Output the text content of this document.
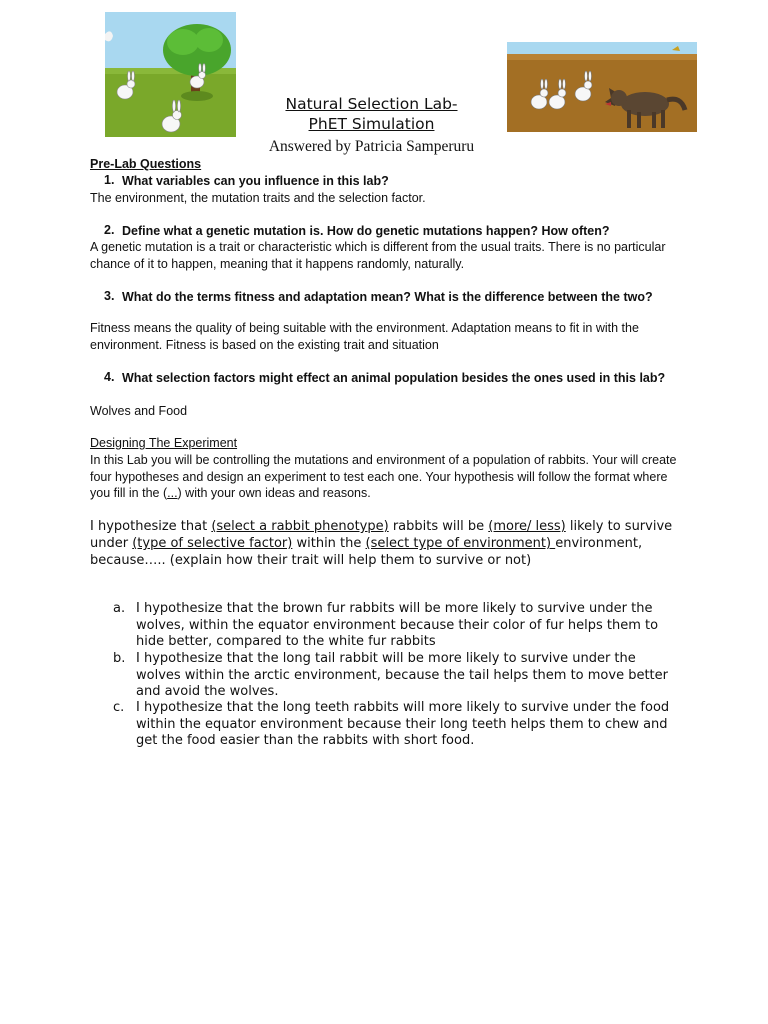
Natural Selection Lab-
PhET Simulation
Answered by Patricia Samperuru
Pre-Lab Questions
1. What variables can you influence in this lab?
The environment, the mutation traits and the selection factor.
2. Define what a genetic mutation is. How do genetic mutations happen? How often?
A genetic mutation is a trait or characteristic which is different from the usual traits. There is no particular chance of it to happen, meaning that it happens randomly, naturally.
3. What do the terms fitness and adaptation mean? What is the difference between the two?
Fitness means the quality of being suitable with the environment. Adaptation means to fit in with the environment. Fitness is based on the existing trait and situation
4. What selection factors might effect an animal population besides the ones used in this lab?
Wolves and Food
Designing The Experiment
In this Lab you will be controlling the mutations and environment of a population of rabbits. Your will create four hypotheses and design an experiment to test each one. Your hypothesis will follow the format where you fill in the (...) with your own ideas and reasons.
I hypothesize that (select a rabbit phenotype) rabbits will be (more/ less) likely to survive under (type of selective factor) within the (select type of environment) environment, because….. (explain how their trait will help them to survive or not)
a. I hypothesize that the brown fur rabbits will be more likely to survive under the wolves, within the equator environment because their color of fur helps them to hide better, compared to the white fur rabbits
b. I hypothesize that the long tail rabbit will be more likely to survive under the wolves within the arctic environment, because the tail helps them to move better and avoid the wolves.
c. I hypothesize that the long teeth rabbits will more likely to survive under the food within the equator environment because their long teeth helps them to chew and get the food easier than the rabbits with short food.
